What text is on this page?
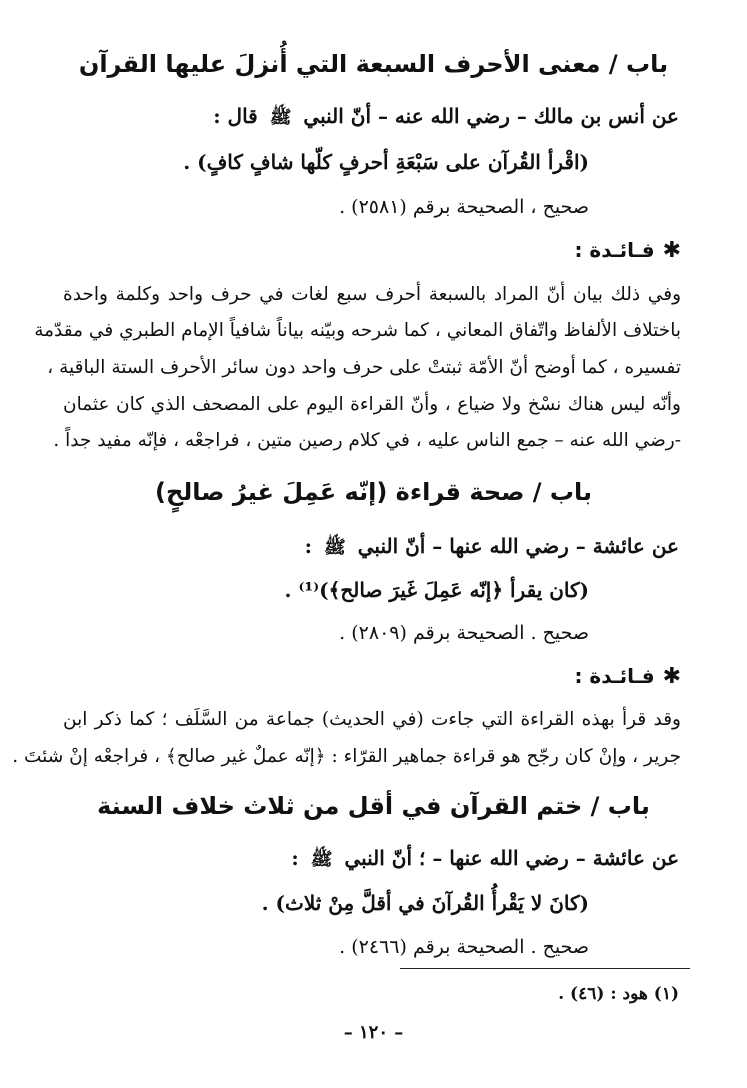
باب / معنى الأحرف السبعة التي أُنزلَ عليها القرآن
عن أنس بن مالك – رضي الله عنه – أنّ النبي ﷺ قال :
(اقْرأ القُرآن على سَبْعَةِ أحرفٍ كلّها شافٍ كافٍ) .
صحيح ، الصحيحة برقم (٢٥٨١) .
✱فـائـدة :
وفي ذلك بيان أنّ المراد بالسبعة أحرف سبع لغات في حرف واحد وكلمة واحدة
باختلاف الألفاظ واتّفاق المعاني ، كما شرحه وبيّنه بياناً شافياً الإمام الطبري في مقدّمة
تفسيره ، كما أوضح أنّ الأمّة ثبتتْ على حرف واحد دون سائر الأحرف الستة الباقية ،
وأنّه ليس هناك نسْخ ولا ضياع ، وأنّ القراءة اليوم على المصحف الذي كان عثمان
-رضي الله عنه – جمع الناس عليه ، في كلام رصين متين ، فراجعْه ، فإنّه مفيد جداً .
باب / صحة قراءة (إنّه عَمِلَ غيرُ صالحٍ)
عن عائشة – رضي الله عنها – أنّ النبي ﷺ :
(كان يقرأ ﴿إنّه عَمِلَ غَيرَ صالح﴾)⁽¹⁾ .
صحيح . الصحيحة برقم (٢٨٠٩) .
✱فـائـدة :
وقد قرأ بهذه القراءة التي جاءت (في الحديث) جماعة من السَّلَف ؛ كما ذكر ابن
جرير ، وإنْ كان رجّح هو قراءة جماهير القرّاء : ﴿إنّه عملٌ غير صالح﴾ ، فراجعْه إنْ شئتَ .
باب / ختم القرآن في أقل من ثلاث خلاف السنة
عن عائشة – رضي الله عنها – ؛ أنّ النبي ﷺ :
(كانَ لا يَقْرأُ القُرآنَ في أقلَّ مِنْ ثلاث) .
صحيح . الصحيحة برقم (٢٤٦٦) .
(١) هود : (٤٦) .
– ١٢٠ –
